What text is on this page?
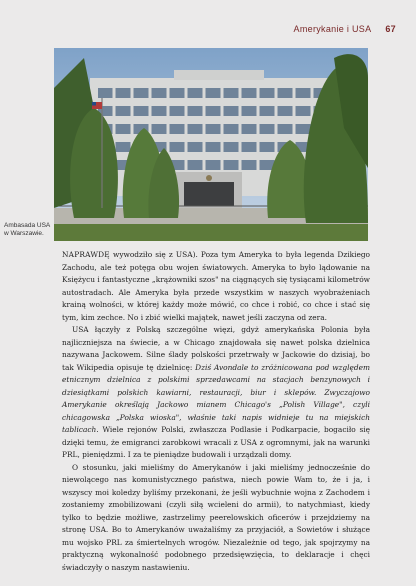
Amerykanie i USA 67
Ambasada USA w Warszawie.

NAPRAWDĘ wywodziło się z USA). Poza tym Ameryka to była legenda Dzikiego Zachodu, ale też potęga obu wojen światowych. Ameryka to było lądowanie na Księżycu i fantastyczne „krążowniki szos" na ciągnących się tysiącami kilometrów autostradach. Ale Ameryka była przede wszystkim w naszych wyobrażeniach krainą wolności, w której każdy może mówić, co chce i robić, co chce i stać się tym, kim zechce. No i zbić wielki majątek, nawet jeśli zaczyna od zera.

USA łączyły z Polską szczególne więzi, gdyż amerykańska Polonia była najliczniejsza na świecie, a w Chicago znajdowała się nawet polska dzielnica nazywana Jackowem. Silne ślady polskości przetrwały w Jackowie do dzisiaj, bo tak Wikipedia opisuje tę dzielnicę: Dziś Avondale to zróżnicowana pod względem etnicznym dzielnica z polskimi sprzedawcami na stacjach benzynowych i dziesiątkami polskich kawiarni, restauracji, biur i sklepów. Zwyczajowo Amerykanie określają Jackowo mianem Chicago's „Polish Village", czyli chicagowska „Polska wioska", właśnie taki napis widnieje tu na miejskich tablicach. Wiele rejonów Polski, zwłaszcza Podlasie i Podkarpacie, bogaciło się dzięki temu, że emigranci zarobkowi wracali z USA z ogromnymi, jak na warunki PRL, pieniędzmi. I za te pieniądze budowali i urządzali domy.

O stosunku, jaki mieliśmy do Amerykanów i jaki mieliśmy jednocześnie do niewolącego nas komunistycznego państwa, niech powie Wam to, że i ja, i wszyscy moi koledzy byliśmy przekonani, że jeśli wybuchnie wojna z Zachodem i zostaniemy zmobilizowani (czyli siłą wcieleni do armii), to natychmiast, kiedy tylko to będzie możliwe, zastrzelimy peerelowskich oficerów i przejdziemy na stronę USA. Bo to Amerykanów uważaliśmy za przyjaciół, a Sowietów i służące mu wojsko PRL za śmiertelnych wrogów. Niezależnie od tego, jak spojrzymy na praktyczną wykonalność podobnego przedsięwzięcia, to deklaracje i chęci świadczyły o naszym nastawieniu.
